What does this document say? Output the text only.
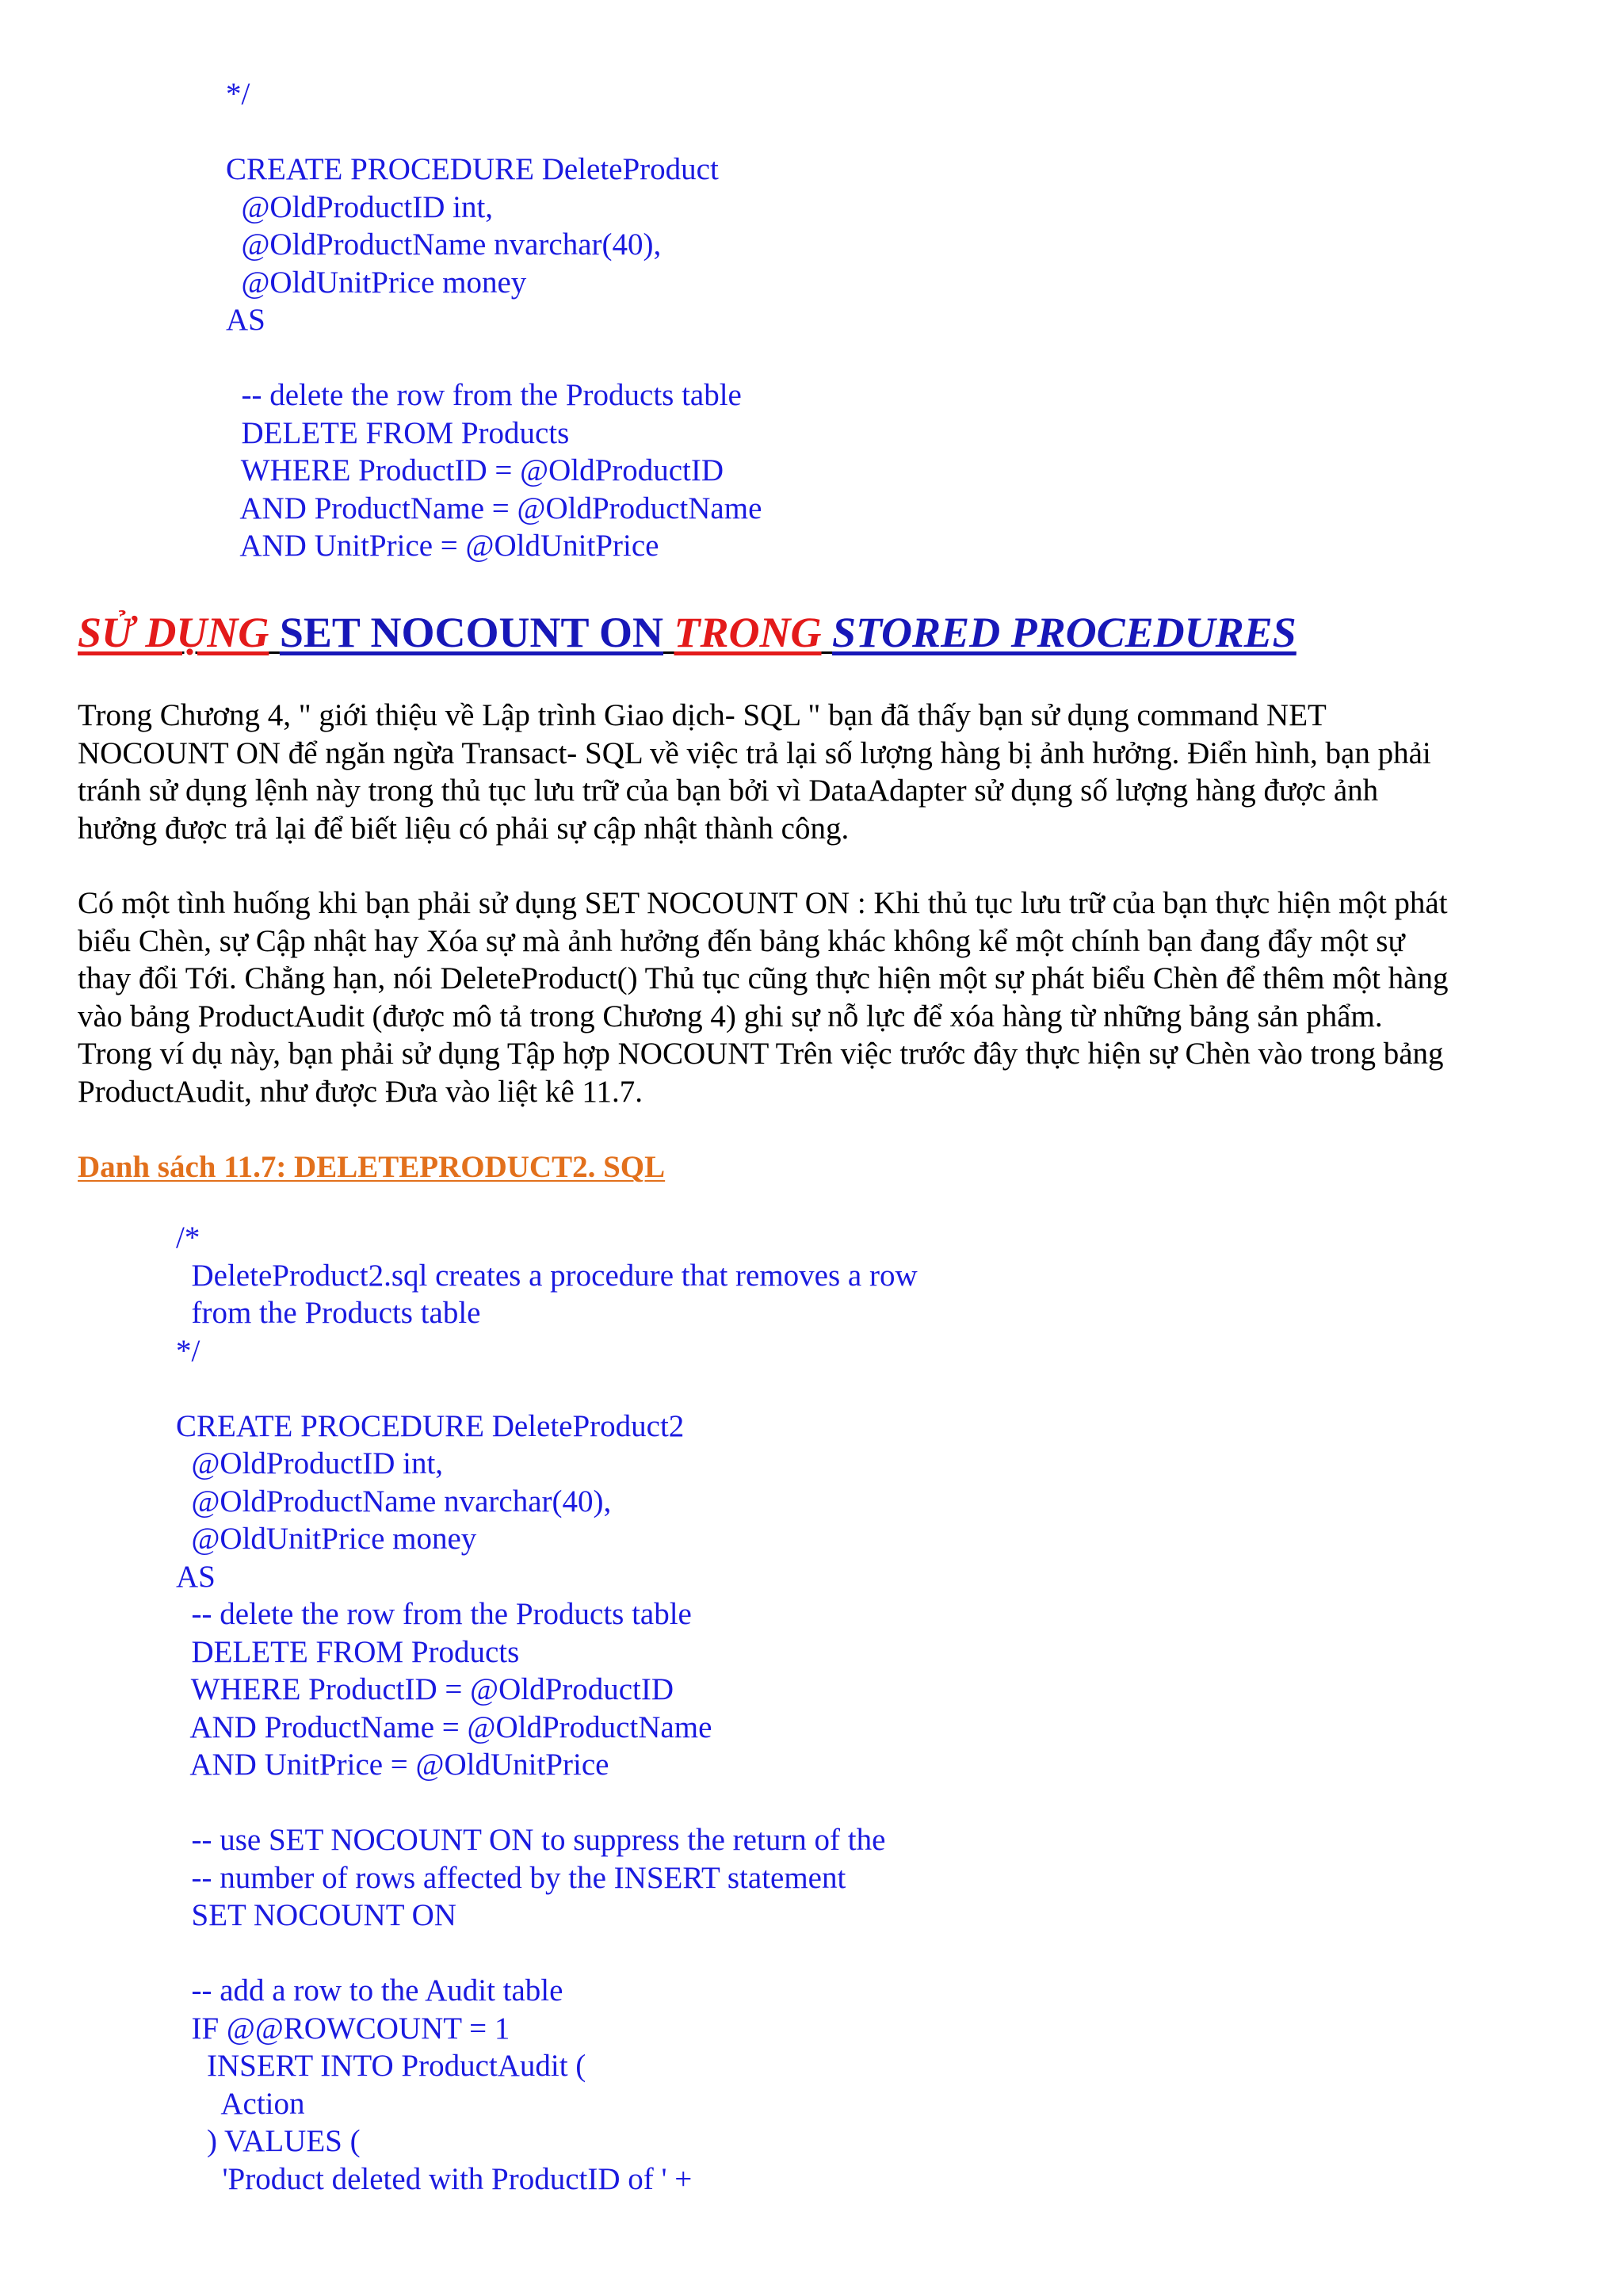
*/
CREATE PROCEDURE DeleteProduct
@OldProductID int,
@OldProductName nvarchar(40),
@OldUnitPrice money
AS
-- delete the row from the Products table
DELETE FROM Products
WHERE ProductID = @OldProductID
AND ProductName = @OldProductName
AND UnitPrice = @OldUnitPrice
SỬ DỤNG SET NOCOUNT ON TRONG STORED PROCEDURES

Trong Chương 4, " giới thiệu về Lập trình Giao dịch- SQL " bạn đã thấy bạn sử dụng command NET
NOCOUNT ON để ngăn ngừa Transact- SQL về việc trả lại số lượng hàng bị ảnh hưởng. Điển hình, bạn phải
tránh sử dụng lệnh này trong thủ tục lưu trữ của bạn bởi vì DataAdapter sử dụng số lượng hàng được ảnh
hưởng được trả lại để biết liệu có phải sự cập nhật thành công.

Có một tình huống khi bạn phải sử dụng SET NOCOUNT ON : Khi thủ tục lưu trữ của bạn thực hiện một phát
biểu Chèn, sự Cập nhật hay Xóa sự mà ảnh hưởng đến bảng khác không kể một chính bạn đang đẩy một sự
thay đổi Tới. Chẳng hạn, nói DeleteProduct() Thủ tục cũng thực hiện một sự phát biểu Chèn để thêm một hàng
vào bảng ProductAudit (được mô tả trong Chương 4) ghi sự nỗ lực để xóa hàng từ những bảng sản phẩm.
Trong ví dụ này, bạn phải sử dụng Tập hợp NOCOUNT Trên việc trước đây thực hiện sự Chèn vào trong bảng
ProductAudit, như được Đưa vào liệt kê 11.7.

Danh sách 11.7: DELETEPRODUCT2. SQL
/*
DeleteProduct2.sql creates a procedure that removes a row
from the Products table
*/
CREATE PROCEDURE DeleteProduct2
@OldProductID int,
@OldProductName nvarchar(40),
@OldUnitPrice money
AS
-- delete the row from the Products table
DELETE FROM Products
WHERE ProductID = @OldProductID
AND ProductName = @OldProductName
AND UnitPrice = @OldUnitPrice
-- use SET NOCOUNT ON to suppress the return of the
-- number of rows affected by the INSERT statement
SET NOCOUNT ON
-- add a row to the Audit table
IF @@ROWCOUNT = 1
INSERT INTO ProductAudit (
Action
) VALUES (
'Product deleted with ProductID of ' +
